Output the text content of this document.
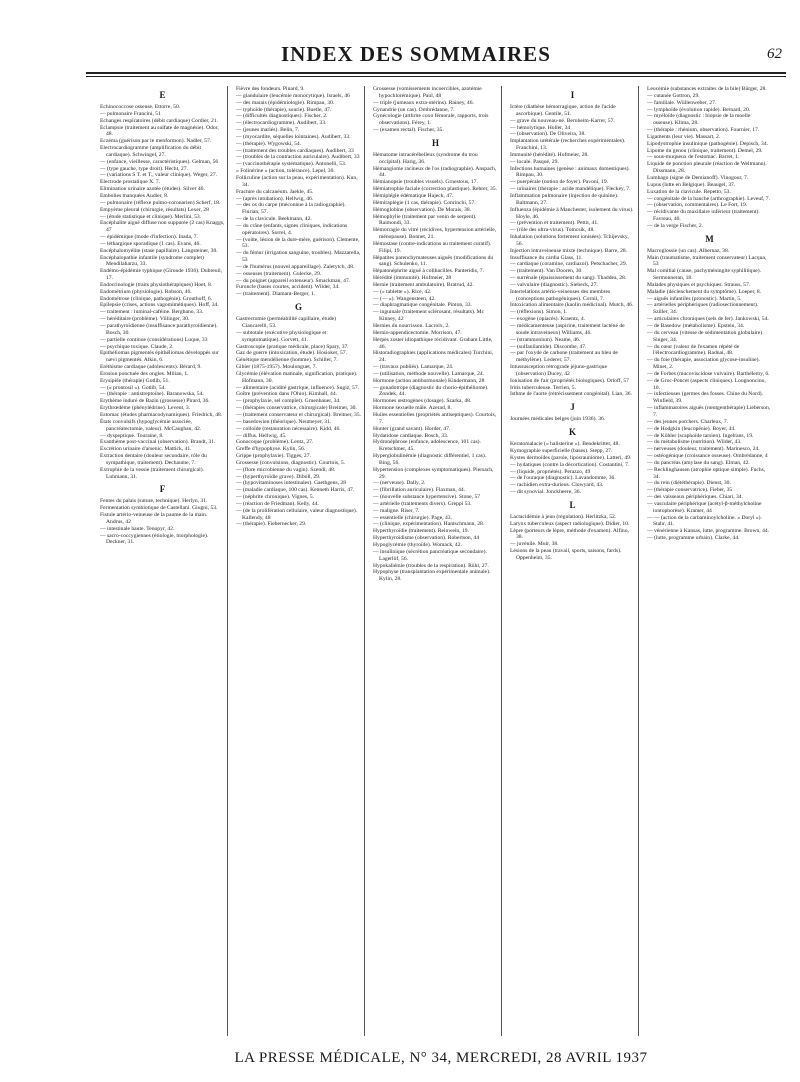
INDEX DES SOMMAIRES	62
E
Echinococcose osseuse. Ettorre, 50.
— pulmonaire Francini, 51
Echanges respiratoires (débit cardiaque) Cordier, 21.
Eclampsie (traitement au sulfate de magnésie). Odor, 48.
Eczéma (guérison par le menformon). Nadler, 57.
Electrocardiogramme (amplification du débit cardiaque). Schwingel, 27.
— (enfance, vieillesse, caractéristiques). Gelman, 56
— (type gauche, type droit). Hecht, 27.
— (variations S T. et T., valeur clinique). Weger, 27.
Electrode prostatique X. 7.
Elimination urinaire azotée (études). Silver 46.
Embolies manquées Audier, 8.
— pulmonaire (réflexe pulmo-coronarien) Scherf, 18.
Empyème pleural (chirurgie, résultats) Lexer, 28
— (étude statistique et clinique). Merlini, 53.
Encéphalite aiguë diffuse non suppurée (2 cas) Knaggs, 47
— épidémique (mode d'infection). Inada, 7.
— léthargique sporadique (1 cas). Evans, 46.
Encéphalomyélite (stase papillaire). Langsteiner, 30.
Encéphalopathie infantile (syndrome complet) Mendilaharzu, 33.
Endémo-épidémie typhique (Gironde 1936). Dubreuil, 17.
Endocrinologie (traits physiothérapiques) Hoet, 8.
Endométrium (physiologie). Robson, 46.
Endométrose (clinique, pathogénie). Grouthoff, 6.
Epilepsie (crises, actions vagomimétiques). Hoff, 34.
— traitement : luminal-caféine. Bergbano, 33.
— héréditaire (problème). Villinger, 30.
— parathyroïdienne (insuffisance parathyroïdienne). Bosch, 30.
— partielle continue (considérations) Luque, 33
— psychique toxique. Claude, 2.
Epithéliomas pigmentés épithéliomas développés sur nævi pigmentés. Alkin, 6.
Eréthisme cardiaque (adolescents). Bérard, 9.
Erosion ponctuée des ongles. Milian, 1.
Erysipèle (thérapie) Gotlib, 51.
— (« prontosil »). Gotlib, 54.
— (thérapie : antistreptoïne). Baranowska, 54.
Erythème induré de Bazin (grossesse) Pirard, 36.
Erythrœdème (phénylédrine). Levent, 3.
Estomac (études pharmacodynamiques). Friedrich, 48.
États convulsifs (hypoglycémie associée, pancréatectomie, valeur). McCaughan, 42.
— dyspeptique. Touraine, 8.
Exanthème post-vaccinal (observation). Brandt, 31.
Excrétion urinaire d'arsenic. Mattick, 41.
Extraction dentaire (douleur secondaire, rôle du sympathique, traitement). Dechaume, 7.
Extrophie de la vessie (traitement chirurgical). Luhmann, 31.
F
Fentes du palais (suture, technique). Herlyn, 31.
Fermentation symbiotique de Castellani. Giugni, 53.
Fistule artério-veineuse de la paume de la main. Andrus, 42
— intestinale haute. Tenopyr, 42.
— sacro-coccygiennes (étiologie, morphologie). Deckner, 31.
Fièvre des fondeurs. Pinard, 9.
— glandulaire (leucémie monocytique). Israels, 46
— des marais (épidémiologie). Rimpau, 30.
— typhoïde (thérapie), sourie). Buetle, 47.
— (difficultés diagnostiques). Fischer, 2.
— (électrocardiogramme). Audibert, 33.
— (jeunes mariés). Belin, 7.
— (myocardite, séquelles lointaines). Audibert, 33.
— (thérapie). Wygowski, 54.
— (traitement des troubles cardiaques). Audibert, 33
— (troubles de la contraction auriculaire). Audibert, 33
— (vaccinothérapie systématique). Antonelli, 53.
« Folinérine » (action, tolérance). Lepel, 30.
Folliculine (action sur la peau, expérimentation). Kun, 34.
Fracture du calcanéum. Jaekle, 45.
— (après intubation). Hellwig, 46.
— des os du carpe (méconnue à la radiographie). Flurian, 57.
— de la clavicule. Beekmann, 42.
— du crâne (enfants, signes cliniques, indications opératoires). Sorrel, 4.
— (voûte, lésion de la dure-mère, guérison). Clemente, 53.
— du fémur (irrigation sanguine, troubles). Mazzarella, 53
— de l'humérus (nouvel appareillage). Zaletytch, 48.
— osseuses (traitement). Gulecke, 29.
— du poignet (appareil extenseur). Smackman, 47.
Furoncle (bases courtes, accident). Wilder, 34.
— (traitement). Diamant-Berger, 1.
G
Gastrectomie (perméabilité capillaire, étude) Ciancarelli, 53.
— subtotale (exécutive physiologique et symptomatique). Gorvett, 41.
Gastroscopie (pratique médicale, place) Spary, 37.
Gaz de guerre (intoxication, étude). Hosioker, 57.
Génétique mendélienne (homme). Schiller, 7.
Gibier (1875-1957). Moulonguet, 7.
Glycémie (élévation matinale, signification, pratique). Hofmann, 30.
— alimentaire (acidité gastrique, influence). Sugiz, 57.
Goître (prévention dans l'Ohio). Kimball, 44.
— (prophylaxie, sel complet). Gruenbauer, 34.
— (thérapies conservatrice, chirurgicale) Breitner, 30.
— (traitement conservateur et chirurgical). Breitner, 35.
— basedowien (théorique). Neumeyer, 31.
— colloïde (restauration nécessaire). Kidd, 46.
— diffus. Hellwig, 45.
Gonocoque (problème). Lentz, 27.
Greffe d'hypophyse. Kylin, 56.
Grippe (prophylaxie). Tigges, 27.
Grossesse (convulsions, diagnostic). Courtois, 5.
— (flore microbienne du vagin). Szendi, 48.
— (hyperthyroïdie grave). Diboll, 29.
— (hypovitaminoses intestinales). Gaethgens, 28
— (maladie cardiaque, 100 cas). Kenneth Harris, 47.
— (néphrite chronique). Vignes, 5.
— (réaction de Friedman). Kelly, 44.
— (de la prolifération cellulaire, valeur diagnostique). Kallendy, 48
— (thérapie). Fiebernecker, 29.
Grossesse (vomissements incoercibles, azotémie hypochlorémique). Paul, 48
— triple (jumeaux extra-utérins). Rainey, 46.
Gynandrie (un cas). Ombrédanne, 7.
Gynécologie (arthrite coxo fémorale, rapports, trois observations). Férey, 1.
— (examen rectal). Fischer, 35.
H
Hématome intracérébelleux (syndrome du trou occipital). Harig, 36.
Hémangiome racineux de l'os (radiographie). Anspach, 44.
Hémianopsie (troubles visuels). Grnestous, 17.
Hémiatrophie faciale (correction plastique). Rehrer, 35.
Hémiplégie édématique Hajeck, 47.
Hémiraplégie (1 cas, thérapie). Conrinchi, 57.
Hémoglobine (observation). De Morais, 38.
Hémophylie (traitement par venin de serpent). Raimondi, 33.
Hémorragie du vitré (récidives, hypertension artérielle, ménopause). Bonnet, 21.
Hémostase (contre-indications au traitement curatif). Filipi, 19.
Hépatites parenchymateuses aiguës (modifications du sang). Schulenko, 11.
Hépatonéphrite aiguë à colibacilles. Panteridis, 7.
Hérédité (immunité). Hofmeier, 28
Hernie (traitement ambulatoire). Bratrud, 42.
— (« tablette »). Rice, 42.
— (— »). Wangensteen, 42.
— diaphragmatique congénitale. Pinton, 33.
— inguinale (traitement sclérosant, résultats). Mc Kinney, 42
Hernies du nourrisson. Lacroix, 2.
Hernio-appendicectomie. Morrison, 47.
Herpès zoster idiopathique récidivant. Graham Little, 46.
Historadiographies (applications médicales) Turchini, 24.
— (travaux publiés). Lamarque, 24.
— (utilisation, méthode nouvelle). Lamarque, 24.
Hormone (action antihormonale) Kindermann, 28
— gonadotrope (diagnostic du chorio-épithéliome). Zondek, 44.
Hormones œstrogènes (dosage). Szarka, 48.
Hormone sexuelle mâle. Azerad, 8.
Huiles essentielles (propriétés antiseptiques). Courtois, 7.
Hunter (grand savant). Horder, 47.
Hydatidose cardiaque. Bosch, 33.
Hydronéphrose (enfance, adolescence, 101 cas). Kretschmer, 45.
Hyperglobulinémie (diagnostic différentiel, 1 cas). Bing, 56.
Hypertension (complexes symptomatiques). Piersach, 29.
— (nerveuse). Dally, 2.
— (fibrillation auriculaire). Flaxman, 44.
— (nouvelle substance hypertensive). Stone, 57
— artérielle (traitements divers). Greppi 53.
— maligne. Riser, 7.
— essentielle (chirurgie). Page, 43.
— (clinique, expérimentation). Hantschmann, 28.
Hyperthyroïdie (traitement). Reinwein, 19.
Hyperthyroïdisme (observation). Robertson, 44
Hypoglycémie (thyroïde). Womack, 42.
— insulinique (sécrétion pancréatique secondaire). Lagerlöf, 56.
Hypokaliémie (troubles de la respiration). Rühl, 27.
Hypophyse (transplantation expérimentale animale). Kylin, 28.
I
Ictère (diathèse hémorragique, action de l'acide ascorbique). Gentile, 51.
— grave du nouveau-né. Bernheim-Karrer, 57.
— hémolytique. Holler, 34
— (observation). De Oliveira, 38.
Implantation urétérale (recherches expérimentales). Franchini, 13.
Immunité (hérédité). Hofmeier, 28.
— locale. Pasqué, 29.
Infections humaines (genèse : animaux domestiques). Rimpau, 30.
— puerpérale (notion de foyer). Pavoni, 19.
— urinaires (thérapie : acide mandélique). Fleckey, 7.
Inflammation pulmonaire (injection de quinine). Baltmann, 27.
Influenza (épidémie à Manchester, isolement du virus). Hoyle, 46.
— (prévention et traitement). Pettit, 41.
— (rôle des ultra-virus). Tomcsik, 48.
Inhalation (solutions fortement ionisées). Tchijevsky, 56.
Injection intraveineuse mixte (technique). Barre, 28.
Insuffisance du cardia Glass, 11.
— cardiaque (coramine, cardiazol). Petschacher, 29.
— (traitement). Van Dooren, 30
— surrénale (épaississement du sang). Thaddea, 28.
— valvulaire (diagnostic). Siebeck, 27.
Interrelations artério-veineuses des membres (conceptions pathogéniques). Cornil, 7.
Intoxication alimentaire (kaolin médicinal). Mutch, 46.
— (réflexions). Simon, 1.
— exogène (opiacés). Kraentz, 4.
— médicamenteuse (aspirine, traitement lacténé de soude intraveineux) Williams, 46.
— (strammonium). Neame, 46.
— (sulfanilamide). Discombe, 47.
— par l'oxyde de carbone (traitement au bleu de méthylène). Lederer, 57.
Intussusception rétrograde jéjuno-gastrique (observation) Ducey, 42
Ionisation de l'air (propriétés biologiques). Orloff, 57
Iritis tuberculeuse. Terrien, 5.
Isthme de l'aorte (rétrécissement congénital). Lian, 36.
J
Journées médicales belges (juin 1936). 36.
K
Keratomalacie (« halisterine »). Bendekritter, 48.
Kymographie superficielle (bases). Stepp, 27.
Kystes dermoïdes (paroie, liposrauniome). Latteri, 49.
— hydatiques (contre la décortication). Costantini, 7.
— (liquide, propriétés). Perazzo, 49
— de l'ouraque (diagnostic). Lavandomme, 36.
— rachidien extra-durieus. Clowyard, 43.
— dit synovial. Jonckheere, 36.
L
Lactacidémie à jeun (régulation). Herlitzka, 52.
Larynx tuberculeux (aspect radiologique). Didier, 10.
Lèpre (porteurs de lèpre, méthode d'examen). Alfino, 38.
— juvénile. Muir, 38.
Lésions de la peau (travail, sports, saisons, fards). Oppenheim, 35.
Leucémie (substances extraites de la bile) Bürger, 28.
— cutanée Gottron, 29.
— familiale. Wüllenweber, 27.
— lymphoïde (évolution rapide). Bernard, 20.
— myéloïde (diagnostic : biopsie de la moelle osseuse). Klima, 28.
— (thérapie : rhénium, observation). Fournier, 17.
Ligaments (leur vie). Massart, 2.
Lipodystrophie insulinique (pathogénie). Depisch, 34.
Lipome du genou (clinique, traitement). Demel, 29.
— sous-muqueux de l'estomac. Barret, 1.
Liquide de ponction pleurale (réaction de Weltmann). Dissmann, 28.
Lumbago (signe de Demianoff). Vinogour, 7.
Lupus (lutte en Belgique). Beaugel, 37.
Luxation de la clavicule. Repetto, 53.
— congénitale de la hanche (arthrographie). Leveuf, 7.
— (observation, commentaires). Le Fort, 19.
— récidivante du maxillaire inférieur (traitement). Favreau, 40.
— de la verge Fischer, 2.
M
Macroglossie (un cas). Albernaz, 38.
Main (traumatisme, traitement conservateur) Lacqua, 53
Mal comitial (cause, pachyméningite syphilitique). Sermonneran, 18.
Malades physiques et psychiques. Strauss, 57.
Maladie (déclenchement du symptôme). Loeper, 8.
— aiguës infantiles (pronostic). Martin, 5.
— artérielles périphériques (radiosectionnement). Sziller, 34.
— articulaires chroniques (sels de fer). Jankowski, 54.
— de Basedow (métabolisme). Epstein, 34.
— du cerveau (vitesse de sédimentation globulaire). Singer, 34.
— du cœur (valeur de l'examen répété de l'électrocardiogramme). Radnai, 48.
— du foie (thérapie, association glycose-insuline). Minet, 2.
— de Forbes (mucoviscidose vulvaire). Barthélemy, 6.
— de Groc-Poncet (aspects cliniques). Lougnoncino, 10.
— infectieuses (germes des fosses. Chine du Nord). Winfield, 39.
— inflammatoires aiguës (rœntgenthérapie) Lieberson, 7.
— des jeunes porchers. Charleux, 7.
— de Hodgkin (leucopénie). Boyer, 44.
— de Köhler (scaphoïde tarsien). Ingelrans, 19.
— du métabolisme (nutrition). Wilder, 43.
— nerveuses (douleur, traitement). Marinesco, 24.
— ostéogénique (croissance osseuse). Ombrédanne, 4
— du pancréas (amylase du sang). Elman, 42.
— Recklinghausen (atrophie optique simple). Fuchs, 34.
— du rein (diététhérapie). Dienst, 30.
— (thérapie conservatrice). Fieber, 35
— des vaisseaux périphériques. Chiari, 34.
— vasculaire périphérique (acétyl-β-méthylcholine iontophorèse). Kramer, 44
— — (action de la carbaminoylcholine. « Doryl »). Stahr, 41.
— vénérienne à Kansas, lutte, programme. Brown, 44.
— (lutte, programme urbain). Clarke, 44.
LA PRESSE MÉDICALE, N° 34, MERCREDI, 28 AVRIL 1937
